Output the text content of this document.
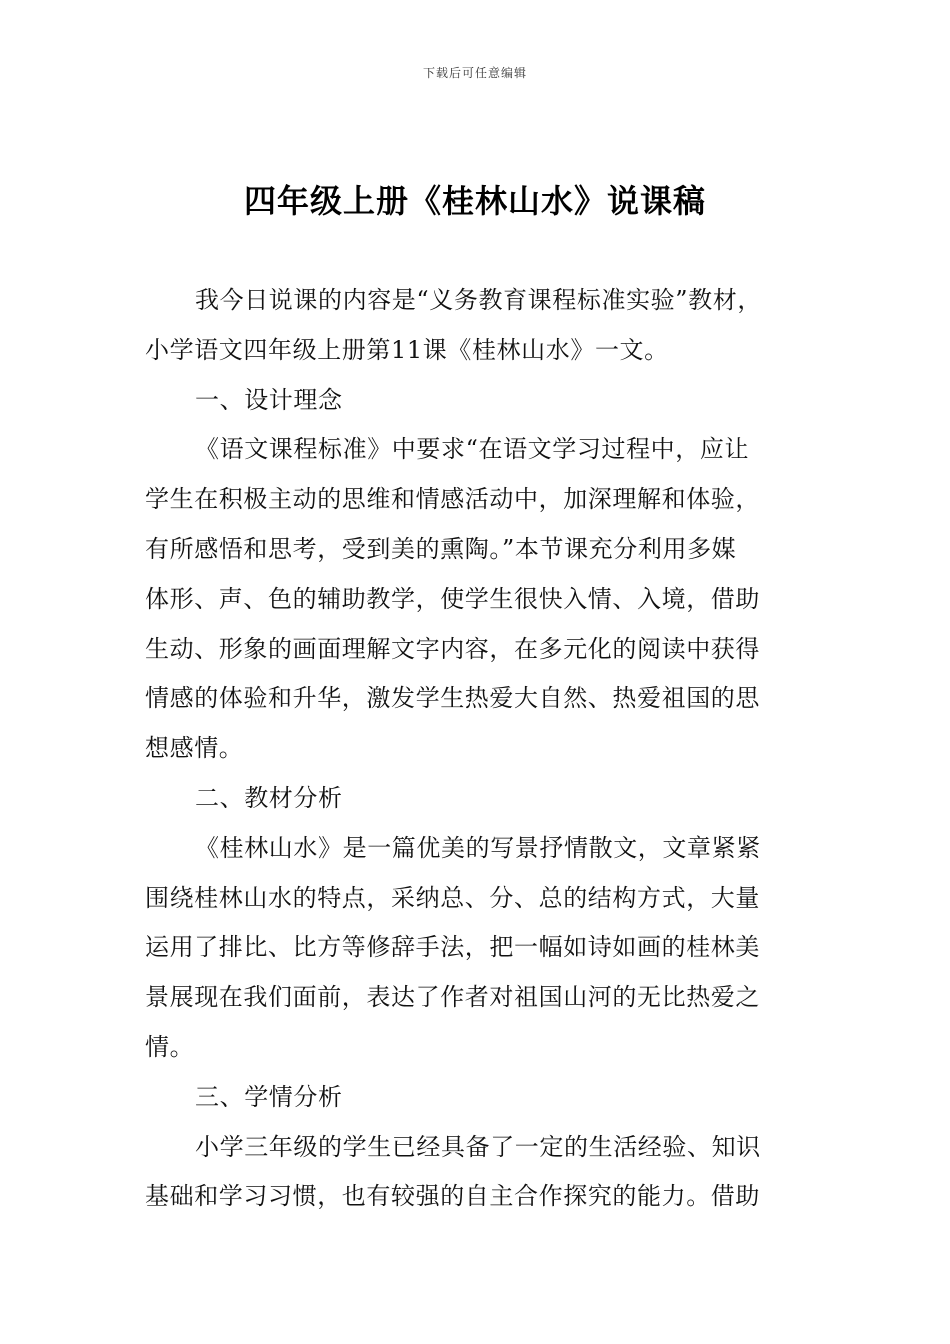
下载后可任意编辑
四年级上册《桂林山水》说课稿
我今日说课的内容是“义务教育课程标准实验”教材，
小学语文四年级上册第11课《桂林山水》一文。
一、设计理念
《语文课程标准》中要求“在语文学习过程中，应让
学生在积极主动的思维和情感活动中，加深理解和体验，
有所感悟和思考，受到美的熏陶。”本节课充分利用多媒
体形、声、色的辅助教学，使学生很快入情、入境，借助
生动、形象的画面理解文字内容，在多元化的阅读中获得
情感的体验和升华，激发学生热爱大自然、热爱祖国的思
想感情。
二、教材分析
《桂林山水》是一篇优美的写景抒情散文，文章紧紧
围绕桂林山水的特点，采纳总、分、总的结构方式，大量
运用了排比、比方等修辞手法，把一幅如诗如画的桂林美
景展现在我们面前，表达了作者对祖国山河的无比热爱之
情。
三、学情分析
小学三年级的学生已经具备了一定的生活经验、知识
基础和学习习惯，也有较强的自主合作探究的能力。借助
